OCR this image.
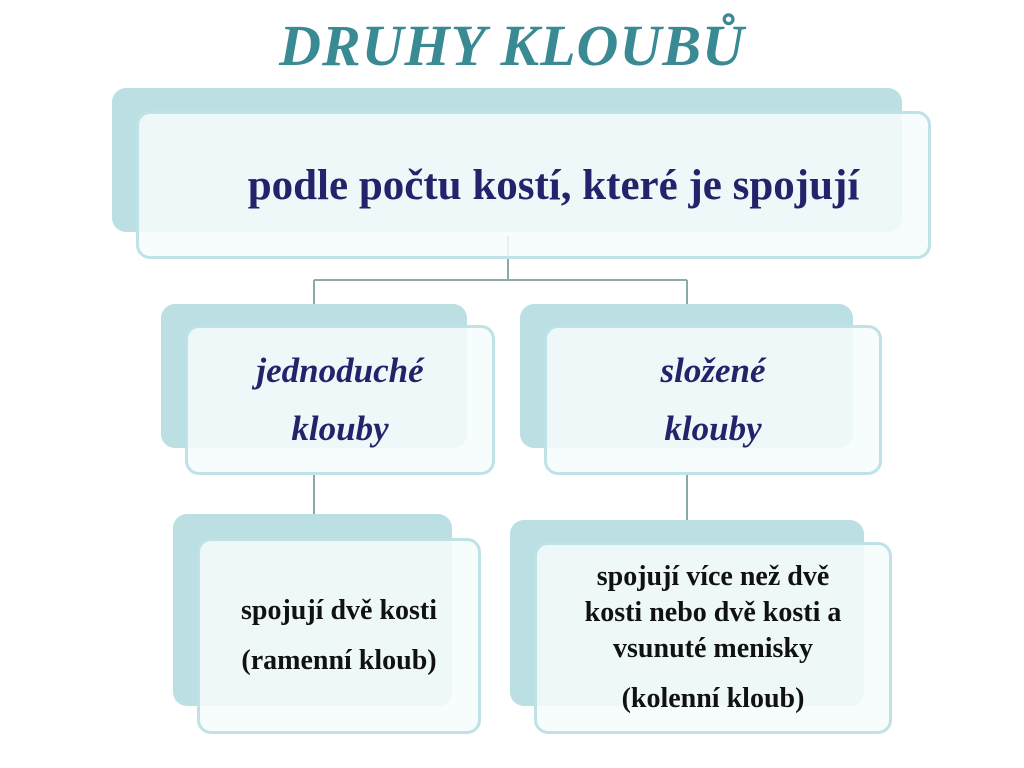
DRUHY KLOUBŮ
podle počtu kostí, které je spojují
jednoduché
klouby
složené
klouby
spojují dvě kosti
(ramenní kloub)
spojují více než dvě
kosti nebo dvě kosti a
vsunuté menisky
(kolenní kloub)
